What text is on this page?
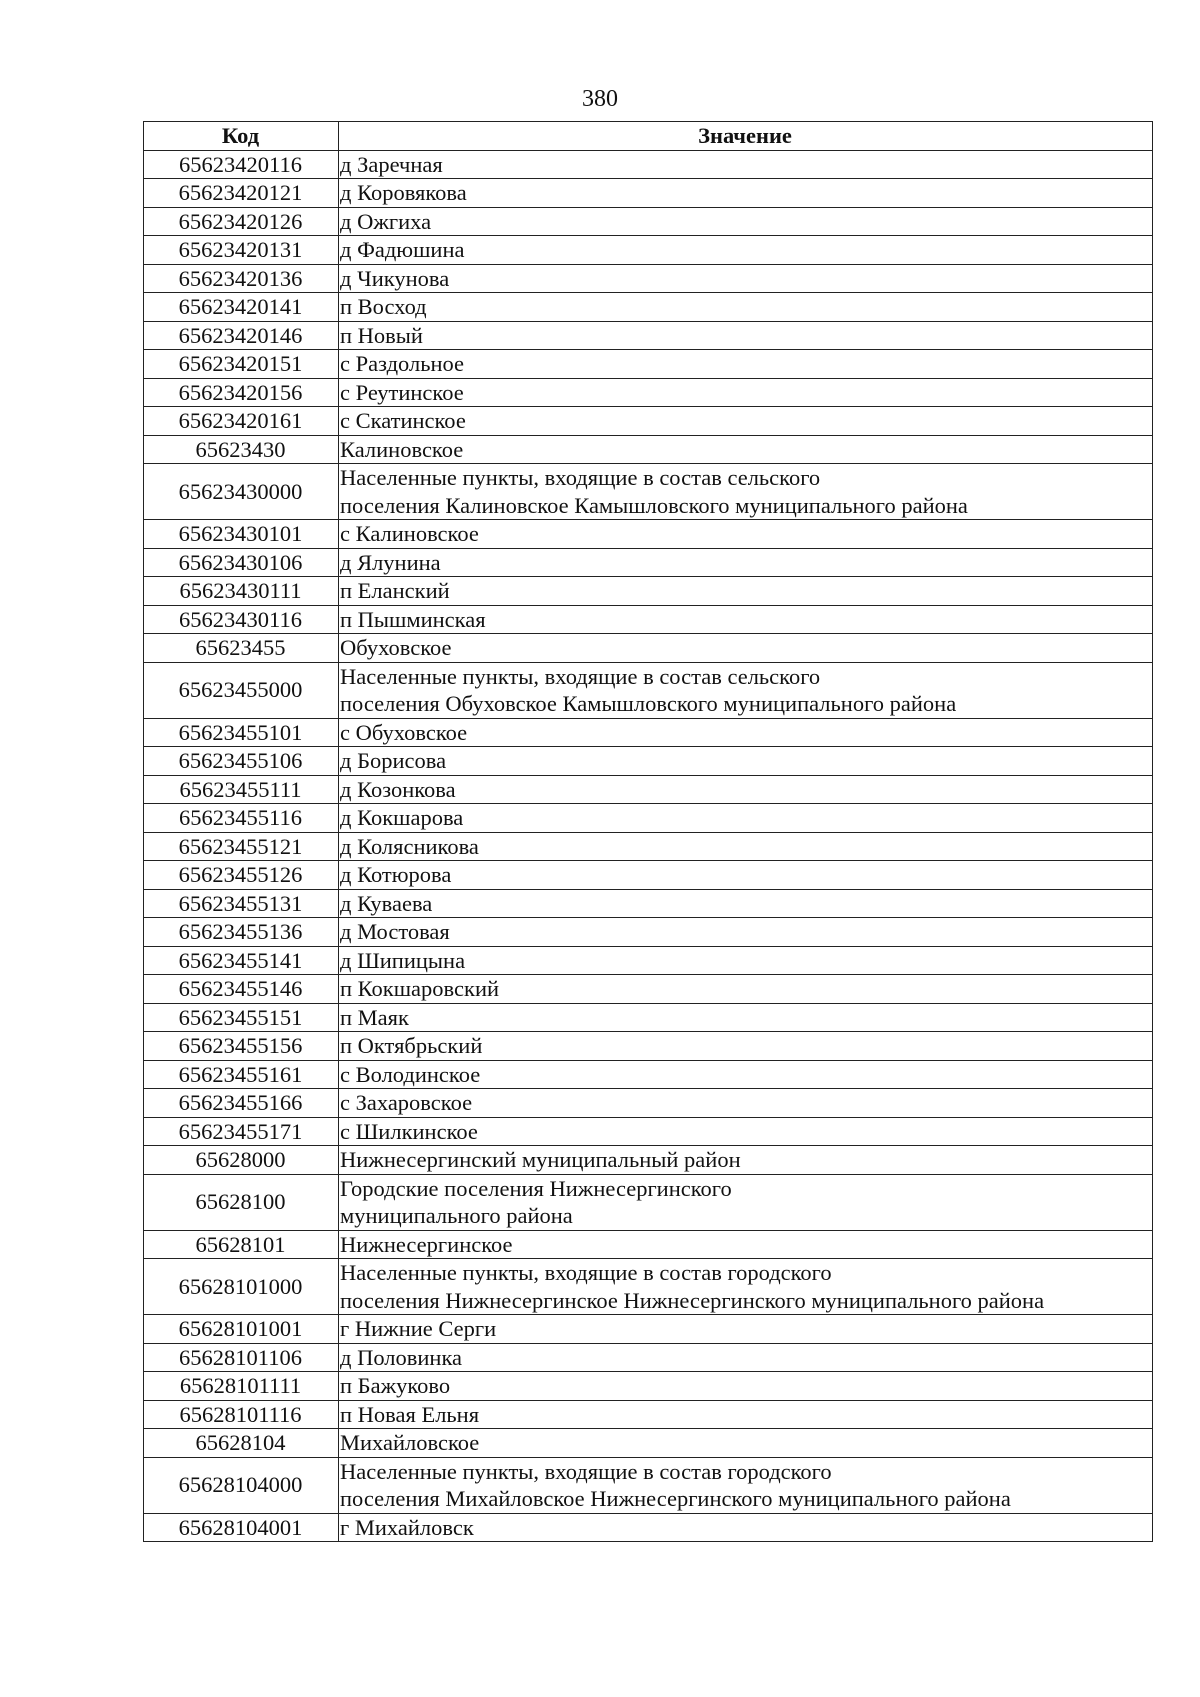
380
Код	Значение
65623420116	д Заречная

65623420121	д Коровякова

65623420126	д Ожгиха

65623420131	д Фадюшина

65623420136	д Чикунова

65623420141	п Восход

65623420146	п Новый

65623420151	с Раздольное

65623420156	с Реутинское

65623420161	с Скатинское

65623430	Калиновское

65623430000	Населенные пункты, входящие в состав сельского
поселения Калиновское Камышловского муниципального района

65623430101	с Калиновское

65623430106	д Ялунина

65623430111	п Еланский

65623430116	п Пышминская

65623455	Обуховское

65623455000	Населенные пункты, входящие в состав сельского
поселения Обуховское Камышловского муниципального района

65623455101	с Обуховское

65623455106	д Борисова

65623455111	д Козонкова

65623455116	д Кокшарова

65623455121	д Колясникова

65623455126	д Котюрова

65623455131	д Куваева

65623455136	д Мостовая

65623455141	д Шипицына

65623455146	п Кокшаровский

65623455151	п Маяк

65623455156	п Октябрьский

65623455161	с Володинское

65623455166	с Захаровское

65623455171	с Шилкинское

65628000	Нижнесергинский муниципальный район

65628100	Городские поселения Нижнесергинского
муниципального района

65628101	Нижнесергинское

65628101000	Населенные пункты, входящие в состав городского
поселения Нижнесергинское Нижнесергинского муниципального района

65628101001	г Нижние Серги

65628101106	д Половинка

65628101111	п Бажуково

65628101116	п Новая Ельня

65628104	Михайловское

65628104000	Населенные пункты, входящие в состав городского
поселения Михайловское Нижнесергинского муниципального района

65628104001	г Михайловск
